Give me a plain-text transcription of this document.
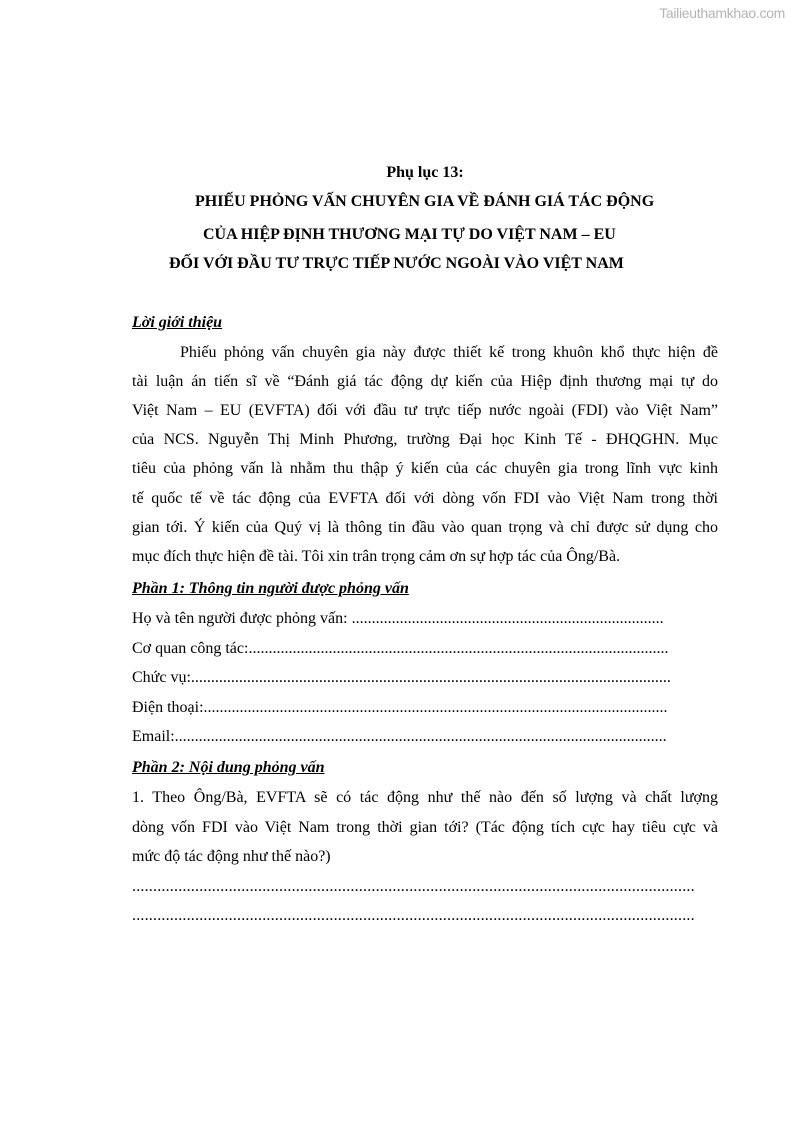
Tailieuthamkhao.com
Phụ lục 13:
PHIẾU PHỎNG VẤN CHUYÊN GIA VỀ ĐÁNH GIÁ TÁC ĐỘNG
CỦA HIỆP ĐỊNH THƯƠNG MẠI TỰ DO VIỆT NAM – EU
ĐỐI VỚI ĐẦU TƯ TRỰC TIẾP NƯỚC NGOÀI VÀO VIỆT NAM
Lời giới thiệu
Phiếu phỏng vấn chuyên gia này được thiết kế trong khuôn khổ thực hiện đề
tài luận án tiến sĩ về “Đánh giá tác động dự kiến của Hiệp định thương mại tự do
Việt Nam – EU (EVFTA) đối với đầu tư trực tiếp nước ngoài (FDI) vào Việt Nam”
của NCS. Nguyễn Thị Minh Phương, trường Đại học Kinh Tế - ĐHQGHN. Mục
tiêu của phỏng vấn là nhằm thu thập ý kiến của các chuyên gia trong lĩnh vực kinh
tế quốc tế về tác động của EVFTA đối với dòng vốn FDI vào Việt Nam trong thời
gian tới. Ý kiến của Quý vị là thông tin đầu vào quan trọng và chỉ được sử dụng cho
mục đích thực hiện đề tài. Tôi xin trân trọng cảm ơn sự hợp tác của Ông/Bà.
Phần 1: Thông tin người được phỏng vấn
Họ và tên người được phỏng vấn: ..............................................................................
Cơ quan công tác:.........................................................................................................
Chức vụ:........................................................................................................................
Điện thoại:....................................................................................................................
Email:...........................................................................................................................
Phần 2: Nội dung phỏng vấn
1. Theo Ông/Bà, EVFTA sẽ có tác động như thế nào đến số lượng và chất lượng
dòng vốn FDI vào Việt Nam trong thời gian tới? (Tác động tích cực hay tiêu cực và
mức độ tác động như thế nào?)
......................................................................................................................................
......................................................................................................................................
